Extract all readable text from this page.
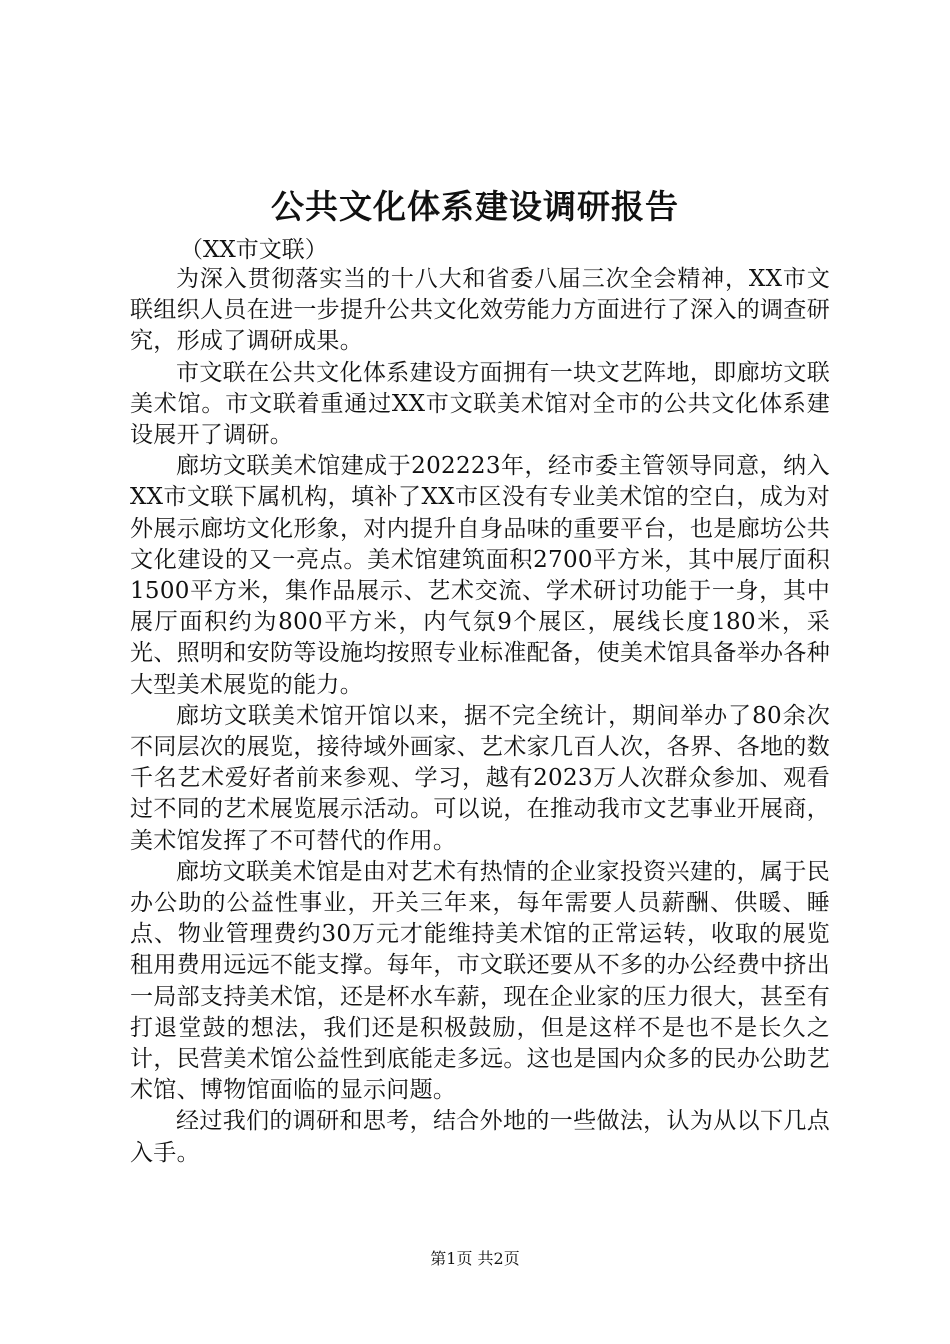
公共文化体系建设调研报告
（XX市文联）

为深入贯彻落实当的十八大和省委八届三次全会精神，XX市文联组织人员在进一步提升公共文化效劳能力方面进行了深入的调查研究，形成了调研成果。

市文联在公共文化体系建设方面拥有一块文艺阵地，即廊坊文联美术馆。市文联着重通过XX市文联美术馆对全市的公共文化体系建设展开了调研。

廊坊文联美术馆建成于202223年，经市委主管领导同意，纳入XX市文联下属机构，填补了XX市区没有专业美术馆的空白，成为对外展示廊坊文化形象，对内提升自身品味的重要平台，也是廊坊公共文化建设的又一亮点。美术馆建筑面积2700平方米，其中展厅面积1500平方米，集作品展示、艺术交流、学术研讨功能于一身，其中展厅面积约为800平方米，内气氛9个展区，展线长度180米，采光、照明和安防等设施均按照专业标准配备，使美术馆具备举办各种大型美术展览的能力。

廊坊文联美术馆开馆以来，据不完全统计，期间举办了80余次不同层次的展览，接待域外画家、艺术家几百人次，各界、各地的数千名艺术爱好者前来参观、学习，越有2023万人次群众参加、观看过不同的艺术展览展示活动。可以说，在推动我市文艺事业开展商，美术馆发挥了不可替代的作用。

廊坊文联美术馆是由对艺术有热情的企业家投资兴建的，属于民办公助的公益性事业，开关三年来，每年需要人员薪酬、供暖、睡点、物业管理费约30万元才能维持美术馆的正常运转，收取的展览租用费用远远不能支撑。每年，市文联还要从不多的办公经费中挤出一局部支持美术馆，还是杯水车薪，现在企业家的压力很大，甚至有打退堂鼓的想法，我们还是积极鼓励，但是这样不是也不是长久之计，民营美术馆公益性到底能走多远。这也是国内众多的民办公助艺术馆、博物馆面临的显示问题。

经过我们的调研和思考，结合外地的一些做法，认为从以下几点入手。

第1页 共2页
